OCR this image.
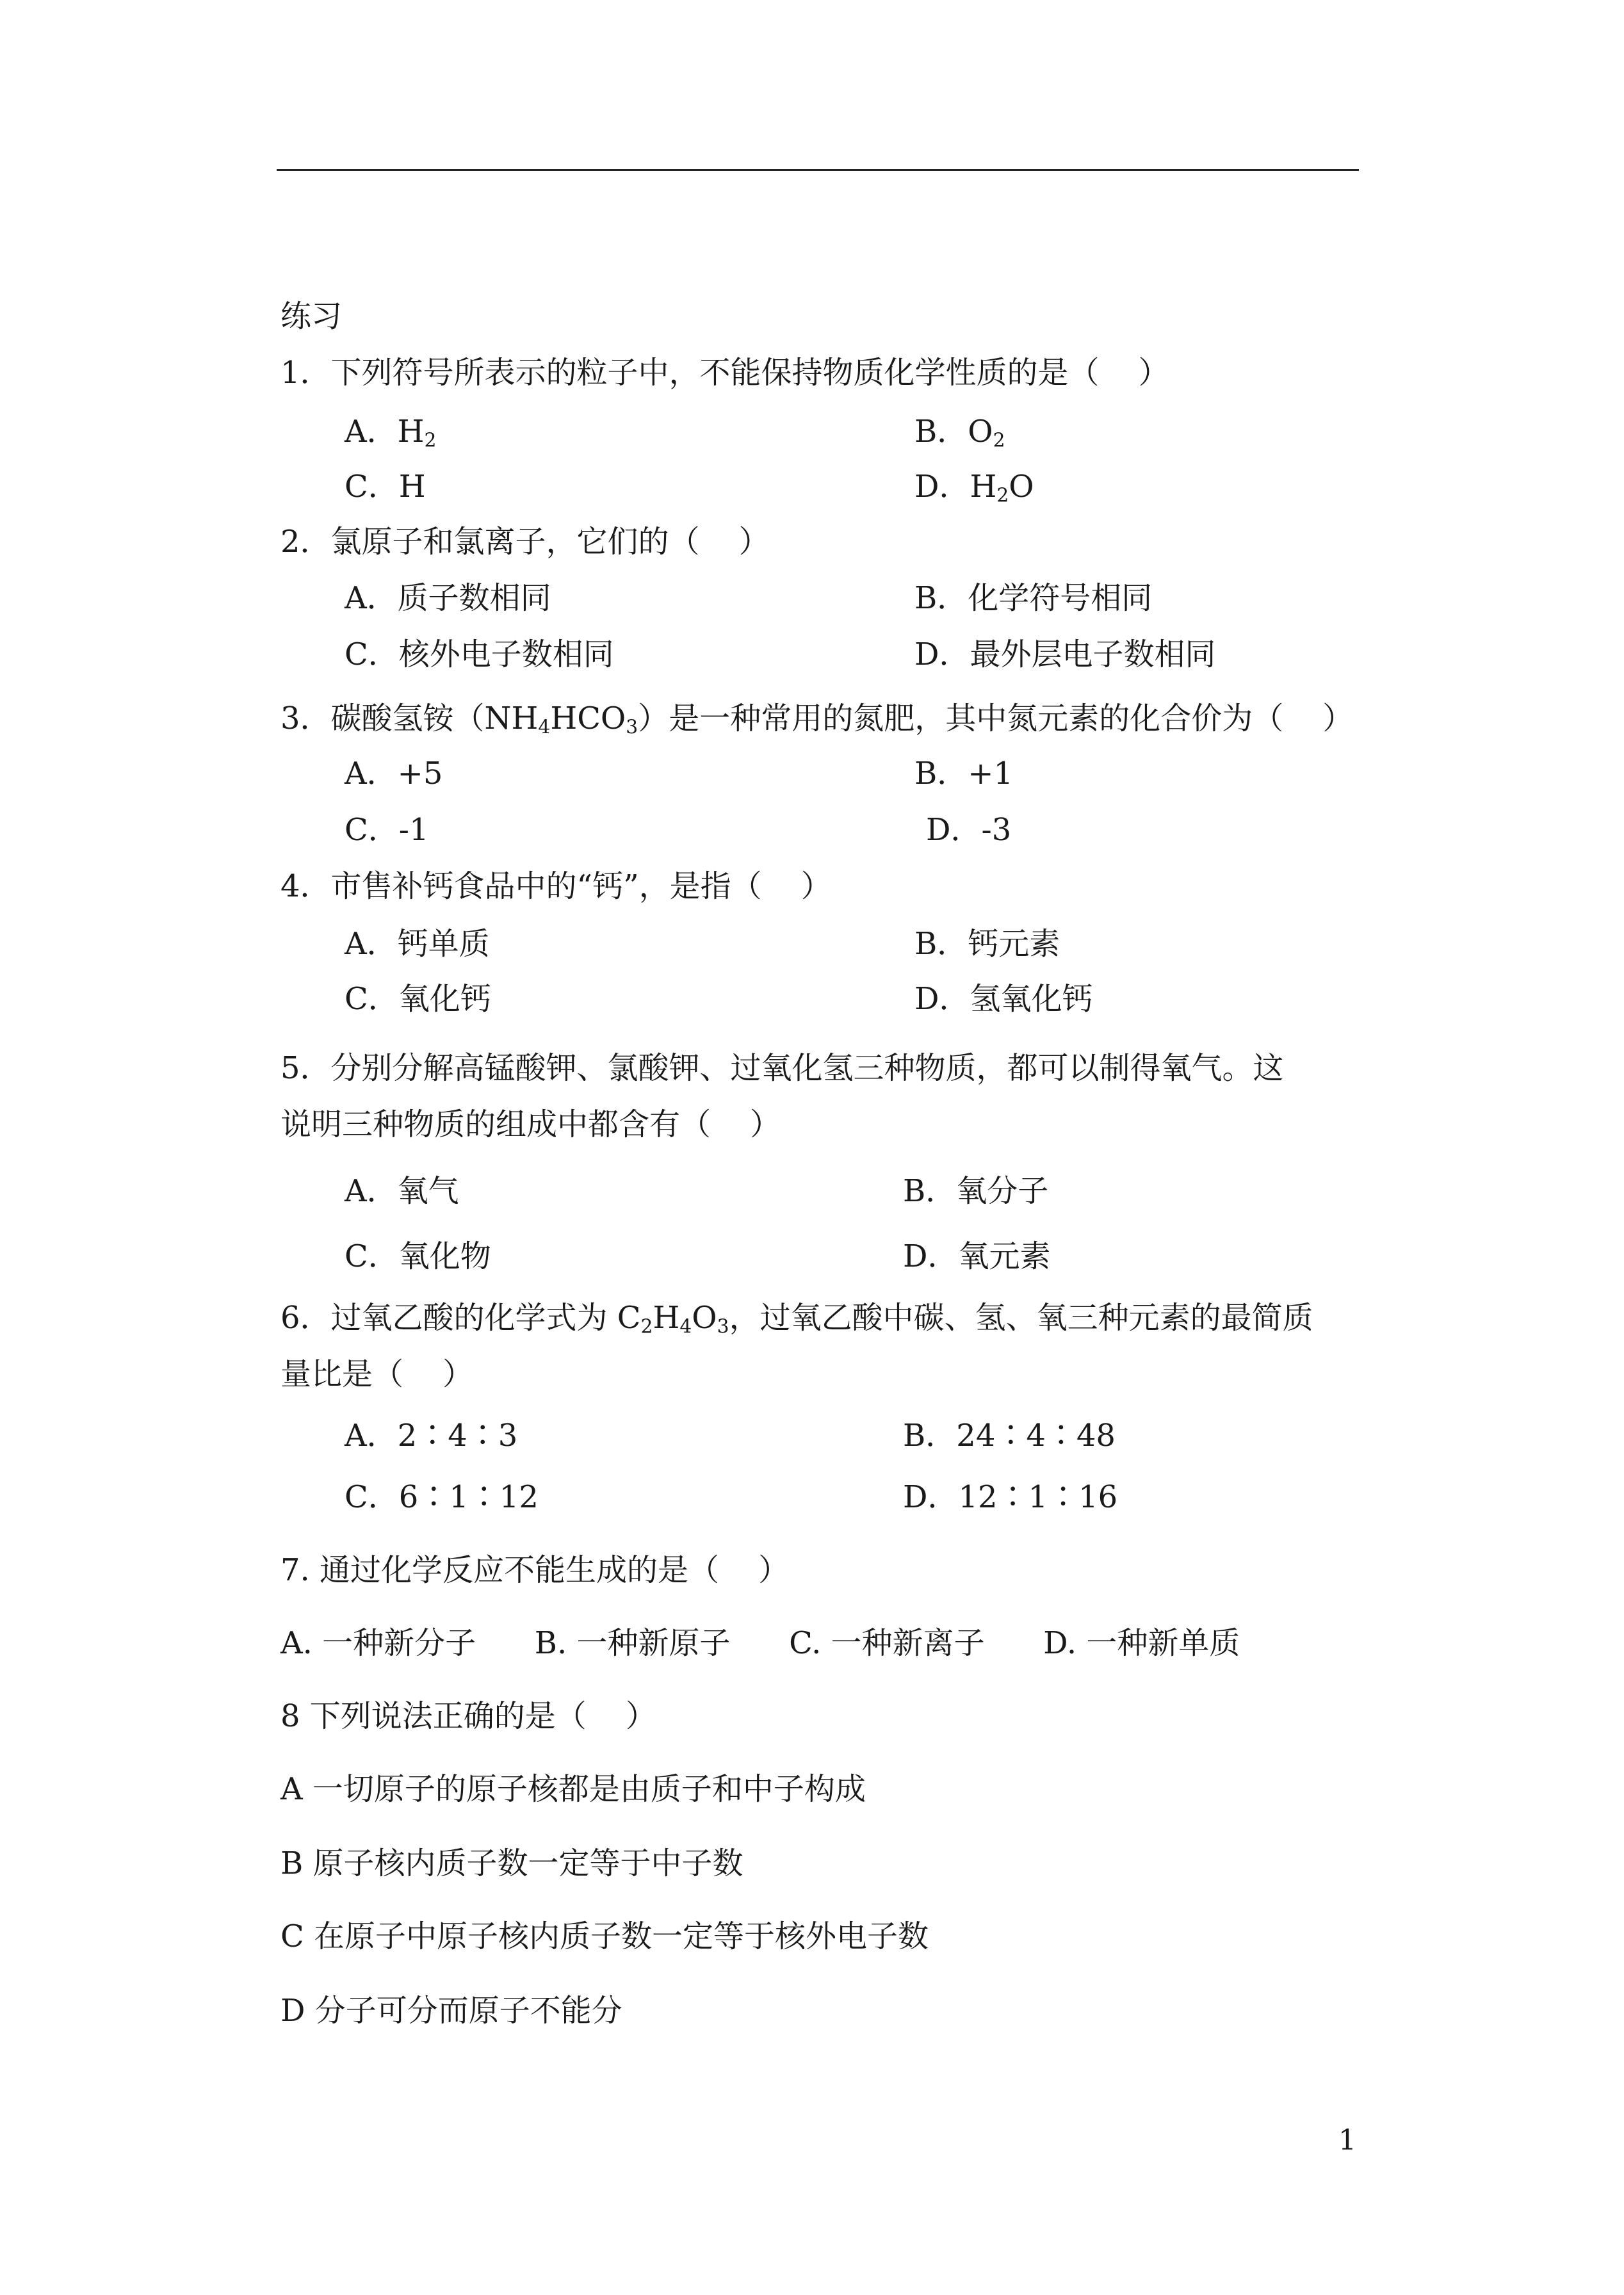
练习
1．下列符号所表示的粒子中，不能保持物质化学性质的是（    ）
A．$H_2$	B．$O_2$
C．H	D．$H_2O$
2．氯原子和氯离子，它们的（    ）
A．质子数相同	B．化学符号相同
C．核外电子数相同	D．最外层电子数相同
3．碳酸氢铵$(NH_4HCO_3)$是一种常用的氮肥，其中氮元素的化合价为（    ）
A．+5	B．+1
C．-1	D．-3
4．市售补钙食品中的“钙”，是指（    ）
A．钙单质	B．钙元素
C．氧化钙	D．氢氧化钙
5．分别分解高锰酸钾、氯酸钾、过氧化氢三种物质，都可以制得氧气。这
说明三种物质的组成中都含有（    ）
A．氧气	B．氧分子
C．氧化物	D．氧元素
6．过氧乙酸的化学式为 $C_2H_4O_3$，过氧乙酸中碳、氢、氧三种元素的最简质
量比是（    ）
A．2∶4∶3	B．24∶4∶48
C．6∶1∶12	D．12∶1∶16
7. 通过化学反应不能生成的是（    ）
A. 一种新分子      B. 一种新原子      C. 一种新离子      D. 一种新单质
8 下列说法正确的是（    ）
A 一切原子的原子核都是由质子和中子构成
B 原子核内质子数一定等于中子数
C 在原子中原子核内质子数一定等于核外电子数
D 分子可分而原子不能分
1
